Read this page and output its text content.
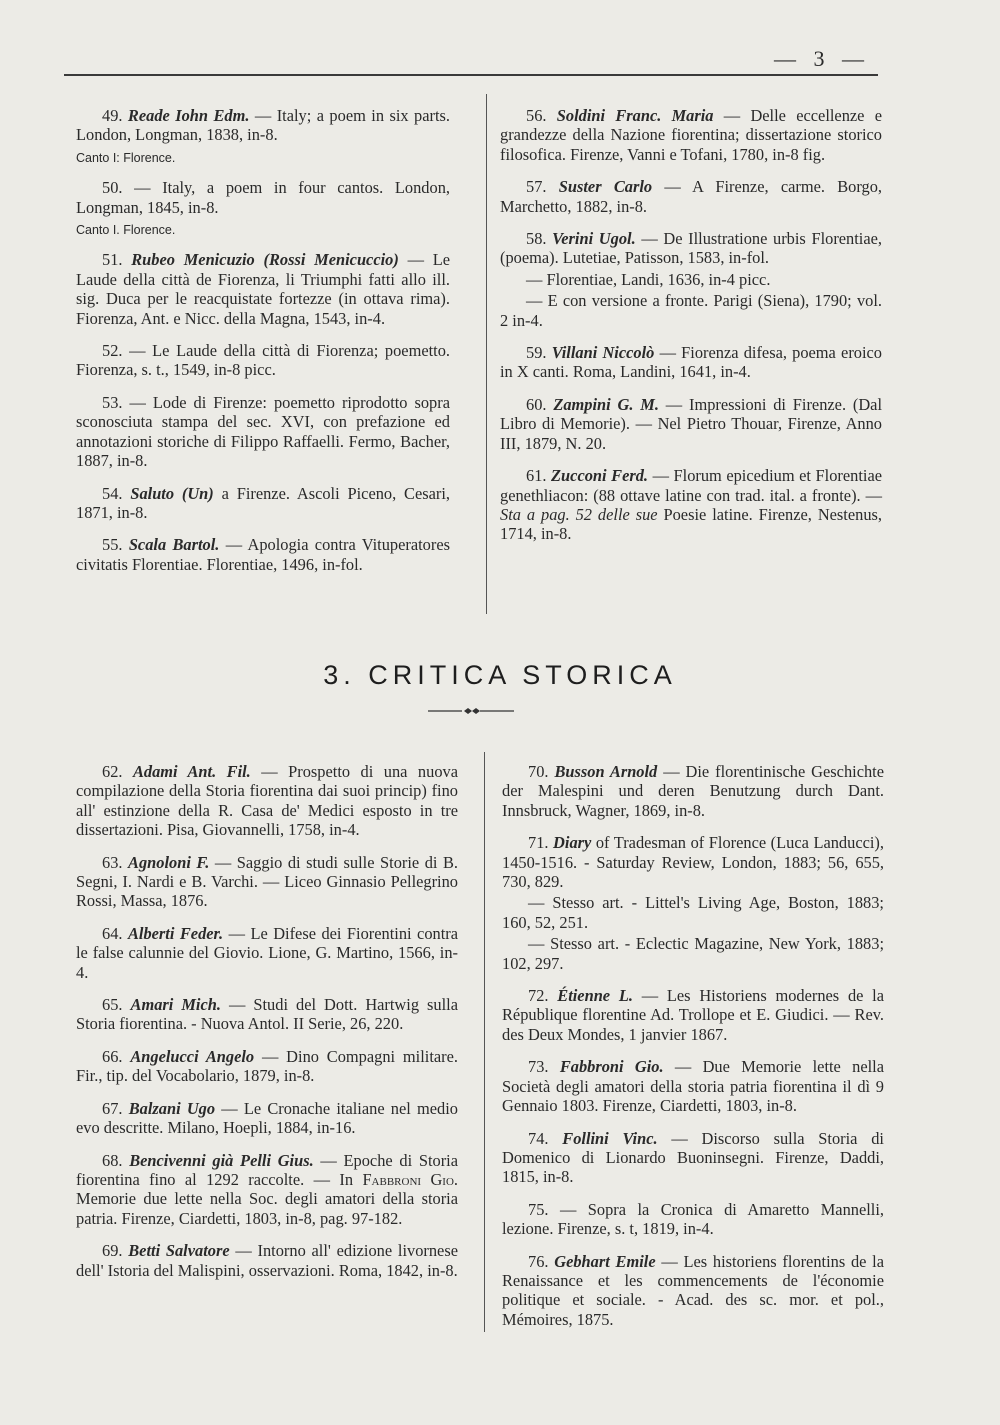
— 3 —

49. Reade Iohn Edm. — Italy; a poem in six parts. London, Longman, 1838, in-8.

Canto I: Florence.

50. — Italy, a poem in four cantos. London, Longman, 1845, in-8.

Canto I. Florence.

51. Rubeo Menicuzio (Rossi Menicuccio) — Le Laude della città de Fiorenza, li Triumphi fatti allo ill. sig. Duca per le reacquistate fortezze (in ottava rima). Fiorenza, Ant. e Nicc. della Magna, 1543, in-4.

52. — Le Laude della città di Fiorenza; poemetto. Fiorenza, s. t., 1549, in-8 picc.

53. — Lode di Firenze: poemetto riprodotto sopra sconosciuta stampa del sec. XVI, con prefazione ed annotazioni storiche di Filippo Raffaelli. Fermo, Bacher, 1887, in-8.

54. Saluto (Un) a Firenze. Ascoli Piceno, Cesari, 1871, in-8.

55. Scala Bartol. — Apologia contra Vituperatores civitatis Florentiae. Florentiae, 1496, in-fol.

56. Soldini Franc. Maria — Delle eccellenze e grandezze della Nazione fiorentina; dissertazione storico filosofica. Firenze, Vanni e Tofani, 1780, in-8 fig.

57. Suster Carlo — A Firenze, carme. Borgo, Marchetto, 1882, in-8.

58. Verini Ugol. — De Illustratione urbis Florentiae, (poema). Lutetiae, Patisson, 1583, in-fol.

— Florentiae, Landi, 1636, in-4 picc.

— E con versione a fronte. Parigi (Siena), 1790; vol. 2 in-4.

59. Villani Niccolò — Fiorenza difesa, poema eroico in X canti. Roma, Landini, 1641, in-4.

60. Zampini G. M. — Impressioni di Firenze. (Dal Libro di Memorie). — Nel Pietro Thouar, Firenze, Anno III, 1879, N. 20.

61. Zucconi Ferd. — Florum epicedium et Florentiae genethliacon: (88 ottave latine con trad. ital. a fronte). — Sta a pag. 52 delle sue Poesie latine. Firenze, Nestenus, 1714, in-8.

3. CRITICA STORICA

62. Adami Ant. Fil. — Prospetto di una nuova compilazione della Storia fiorentina dai suoi princip) fino all' estinzione della R. Casa de' Medici esposto in tre dissertazioni. Pisa, Giovannelli, 1758, in-4.

63. Agnoloni F. — Saggio di studi sulle Storie di B. Segni, I. Nardi e B. Varchi. — Liceo Ginnasio Pellegrino Rossi, Massa, 1876.

64. Alberti Feder. — Le Difese dei Fiorentini contra le false calunnie del Giovio. Lione, G. Martino, 1566, in-4.

65. Amari Mich. — Studi del Dott. Hartwig sulla Storia fiorentina. - Nuova Antol. II Serie, 26, 220.

66. Angelucci Angelo — Dino Compagni militare. Fir., tip. del Vocabolario, 1879, in-8.

67. Balzani Ugo — Le Cronache italiane nel medio evo descritte. Milano, Hoepli, 1884, in-16.

68. Bencivenni già Pelli Gius. — Epoche di Storia fiorentina fino al 1292 raccolte. — In Fabbroni Gio. Memorie due lette nella Soc. degli amatori della storia patria. Firenze, Ciardetti, 1803, in-8, pag. 97-182.

69. Betti Salvatore — Intorno all' edizione livornese dell' Istoria del Malispini, osservazioni. Roma, 1842, in-8.

70. Busson Arnold — Die florentinische Geschichte der Malespini und deren Benutzung durch Dant. Innsbruck, Wagner, 1869, in-8.

71. Diary of Tradesman of Florence (Luca Landucci), 1450-1516. - Saturday Review, London, 1883; 56, 655, 730, 829.

— Stesso art. - Littel's Living Age, Boston, 1883; 160, 52, 251.

— Stesso art. - Eclectic Magazine, New York, 1883; 102, 297.

72. Étienne L. — Les Historiens modernes de la République florentine Ad. Trollope et E. Giudici. — Rev. des Deux Mondes, 1 janvier 1867.

73. Fabbroni Gio. — Due Memorie lette nella Società degli amatori della storia patria fiorentina il dì 9 Gennaio 1803. Firenze, Ciardetti, 1803, in-8.

74. Follini Vinc. — Discorso sulla Storia di Domenico di Lionardo Buoninsegni. Firenze, Daddi, 1815, in-8.

75. — Sopra la Cronica di Amaretto Mannelli, lezione. Firenze, s. t, 1819, in-4.

76. Gebhart Emile — Les historiens florentins de la Renaissance et les commencements de l'économie politique et sociale. - Acad. des sc. mor. et pol., Mémoires, 1875.
